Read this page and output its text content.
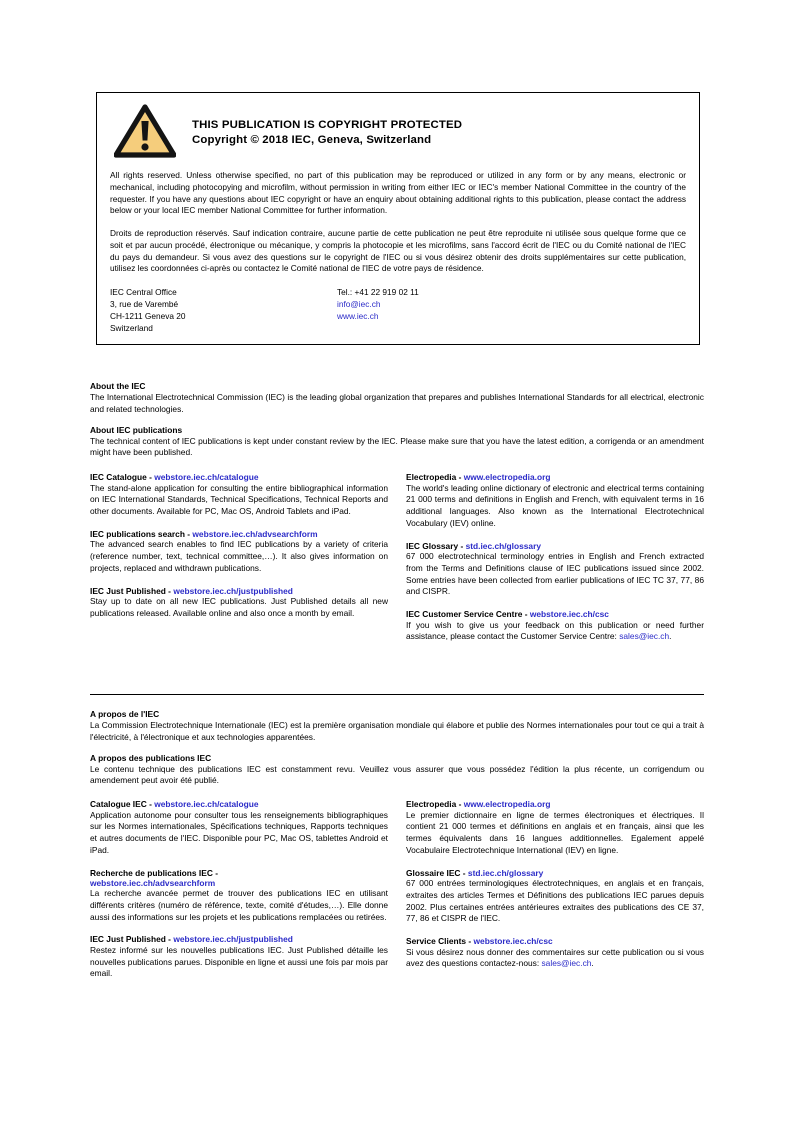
THIS PUBLICATION IS COPYRIGHT PROTECTED
Copyright © 2018 IEC, Geneva, Switzerland

All rights reserved. Unless otherwise specified, no part of this publication may be reproduced or utilized in any form or by any means, electronic or mechanical, including photocopying and microfilm, without permission in writing from either IEC or IEC's member National Committee in the country of the requester. If you have any questions about IEC copyright or have an enquiry about obtaining additional rights to this publication, please contact the address below or your local IEC member National Committee for further information.

Droits de reproduction réservés. Sauf indication contraire, aucune partie de cette publication ne peut être reproduite ni utilisée sous quelque forme que ce soit et par aucun procédé, électronique ou mécanique, y compris la photocopie et les microfilms, sans l'accord écrit de l'IEC ou du Comité national de l'IEC du pays du demandeur. Si vous avez des questions sur le copyright de l'IEC ou si vous désirez obtenir des droits supplémentaires sur cette publication, utilisez les coordonnées ci-après ou contactez le Comité national de l'IEC de votre pays de résidence.

IEC Central Office
3, rue de Varembé
CH-1211 Geneva 20
Switzerland
Tel.: +41 22 919 02 11
info@iec.ch
www.iec.ch
About the IEC

The International Electrotechnical Commission (IEC) is the leading global organization that prepares and publishes International Standards for all electrical, electronic and related technologies.

About IEC publications

The technical content of IEC publications is kept under constant review by the IEC. Please make sure that you have the latest edition, a corrigenda or an amendment might have been published.

IEC Catalogue - webstore.iec.ch/catalogue

The stand-alone application for consulting the entire bibliographical information on IEC International Standards, Technical Specifications, Technical Reports and other documents. Available for PC, Mac OS, Android Tablets and iPad.

IEC publications search - webstore.iec.ch/advsearchform

The advanced search enables to find IEC publications by a variety of criteria (reference number, text, technical committee,…). It also gives information on projects, replaced and withdrawn publications.

IEC Just Published - webstore.iec.ch/justpublished

Stay up to date on all new IEC publications. Just Published details all new publications released. Available online and also once a month by email.

Electropedia - www.electropedia.org

The world's leading online dictionary of electronic and electrical terms containing 21 000 terms and definitions in English and French, with equivalent terms in 16 additional languages. Also known as the International Electrotechnical Vocabulary (IEV) online.

IEC Glossary - std.iec.ch/glossary

67 000 electrotechnical terminology entries in English and French extracted from the Terms and Definitions clause of IEC publications issued since 2002. Some entries have been collected from earlier publications of IEC TC 37, 77, 86 and CISPR.

IEC Customer Service Centre - webstore.iec.ch/csc

If you wish to give us your feedback on this publication or need further assistance, please contact the Customer Service Centre: sales@iec.ch.

A propos de l'IEC

La Commission Electrotechnique Internationale (IEC) est la première organisation mondiale qui élabore et publie des Normes internationales pour tout ce qui a trait à l'électricité, à l'électronique et aux technologies apparentées.

A propos des publications IEC

Le contenu technique des publications IEC est constamment revu. Veuillez vous assurer que vous possédez l'édition la plus récente, un corrigendum ou amendement peut avoir été publié.

Catalogue IEC - webstore.iec.ch/catalogue

Application autonome pour consulter tous les renseignements bibliographiques sur les Normes internationales, Spécifications techniques, Rapports techniques et autres documents de l'IEC. Disponible pour PC, Mac OS, tablettes Android et iPad.

Recherche de publications IEC -
webstore.iec.ch/advsearchform

La recherche avancée permet de trouver des publications IEC en utilisant différents critères (numéro de référence, texte, comité d'études,…). Elle donne aussi des informations sur les projets et les publications remplacées ou retirées.

IEC Just Published - webstore.iec.ch/justpublished

Restez informé sur les nouvelles publications IEC. Just Published détaille les nouvelles publications parues. Disponible en ligne et aussi une fois par mois par email.

Electropedia - www.electropedia.org

Le premier dictionnaire en ligne de termes électroniques et électriques. Il contient 21 000 termes et définitions en anglais et en français, ainsi que les termes équivalents dans 16 langues additionnelles. Egalement appelé Vocabulaire Electrotechnique International (IEV) en ligne.

Glossaire IEC - std.iec.ch/glossary

67 000 entrées terminologiques électrotechniques, en anglais et en français, extraites des articles Termes et Définitions des publications IEC parues depuis 2002. Plus certaines entrées antérieures extraites des publications des CE 37, 77, 86 et CISPR de l'IEC.

Service Clients - webstore.iec.ch/csc

Si vous désirez nous donner des commentaires sur cette publication ou si vous avez des questions contactez-nous: sales@iec.ch.
